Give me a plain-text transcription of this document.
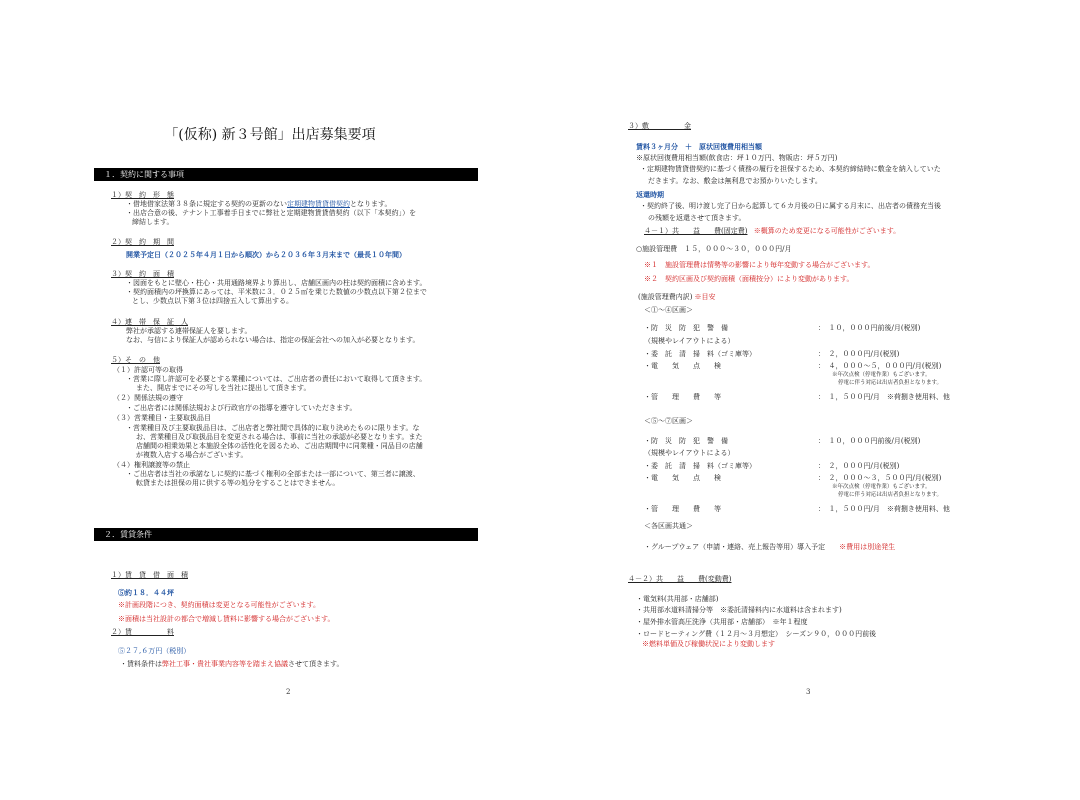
「(仮称) 新３号館」出店募集要項
１．契約に関する事項
１）契　約　形　態
・借地借家法第３８条に規定する契約の更新のない定期建物賃貸借契約となります。
・出店合意の後、テナント工事着手日までに弊社と定期建物賃貸借契約（以下「本契約」）を
締結します。
２）契　約　期　間
開業予定日（２０２５年４月１日から順次）から２０３６年３月末まで（最長１０年間）
３）契　約　面　積
・図面をもとに壁心・柱心・共用通路境界より算出し、店舗区画内の柱は契約面積に含めます。
・契約面積内の坪換算にあっては、平米数に３．０２５㎡を乗じた数値の少数点以下第２位まで
とし、少数点以下第３位は四捨五入して算出する。
４）連　帯　保　証　人
弊社が承認する連帯保証人を要します。
なお、与信により保証人が認められない場合は、指定の保証会社への加入が必要となります。
５）そ　の　他
（１）許認可等の取得
・営業に際し許認可を必要とする業種については、ご出店者の責任において取得して頂きます。
また、開店までにその写しを当社に提出して頂きます。
（２）関係法規の遵守
・ご出店者には関係法規および行政官庁の指導を遵守していただきます。
（３）営業種目・主要取扱品目
・営業種目及び主要取扱品目は、ご出店者と弊社間で具体的に取り決めたものに限ります。な
お、営業種目及び取扱品目を変更される場合は、事前に当社の承認が必要となります。また
店舗間の相乗効果と本施設全体の活性化を図るため、ご出店期間中に同業種・同品目の店舗
が複数入店する場合がございます。
（４）権利譲渡等の禁止
・ご出店者は当社の承諾なしに契約に基づく権利の全部または一部について、第三者に譲渡、
転貸または担保の用に供する等の処分をすることはできません。
２．賃貸条件
１）賃　貸　借　面　積
⑤約１８．４４坪
※計画段階につき、契約面積は変更となる可能性がございます。
※面積は当社設計の都合で増減し賃料に影響する場合がございます。
２）賃　　　　　料
⑤２７,６万円（税別）
・賃料条件は弊社工事・貴社事業内容等を踏まえ協議させて頂きます。
2
３）敷　　　　　金
賃料３ヶ月分　＋　原状回復費用相当額
※原状回復費用相当額(飲食店：坪１０万円、物販店：坪５万円)
・定期建物賃貸借契約に基づく債務の履行を担保するため、本契約締結時に敷金を納入していた
だきます。なお、敷金は無利息でお預かりいたします。
返還時期
・契約終了後、明け渡し完了日から起算して６カ月後の日に属する月末に、出店者の債務充当後
の残額を返還させて頂きます。
４－１）共　　益　　費(固定費) ※概算のため変更になる可能性がございます。
○施設管理費　１５，０００～３０，０００円/月
※１　施設管理費は情勢等の影響により毎年変動する場合がございます。
※２　契約区画及び契約面積（面積按分）により変動があります。
(施設管理費内訳) ※目安
＜①～④区画＞
・防　災　防　犯　警　備	：　１０，０００円前後/月(税別)
（規模やレイアウトによる）
・委　託　清　掃　料（ゴミ庫等）	：　２，０００円/月(税別)
・電　　気　　点　　検	：　４，０００～５，０００円/月(税別)
※年次点検（停電作業）もございます。
停電に伴う対応は出店者負担となります。
・管　　理　　費　　等	：　１，５００円/月　※荷捌き使用料、他
＜⑤～⑦区画＞
・防　災　防　犯　警　備	：　１０，０００円前後/月(税別)
（規模やレイアウトによる）
・委　託　清　掃　料（ゴミ庫等）	：　２，０００円/月(税別)
・電　　気　　点　　検	：　２，０００～３，５００円/月(税別)
※年次点検（停電作業）もございます。
停電に伴う対応は出店者負担となります。
・管　　理　　費　　等	：　１，５００円/月　※荷捌き使用料、他
＜各区画共通＞
・グループウェア（申請・連絡、売上報告等用）導入予定 ※費用は別途発生
４－２）共　　益　　費(変動費)
・電気料(共用部・店舗部)
・共用部水道料清掃分等　※委託清掃料内に水道料は含まれます)
・屋外排水管高圧洗浄（共用部・店舗部）　※年１程度
・ロードヒーティング費（１２月～３月想定）　シーズン９０，０００円前後
※燃料単価及び稼働状況により変動します
3
